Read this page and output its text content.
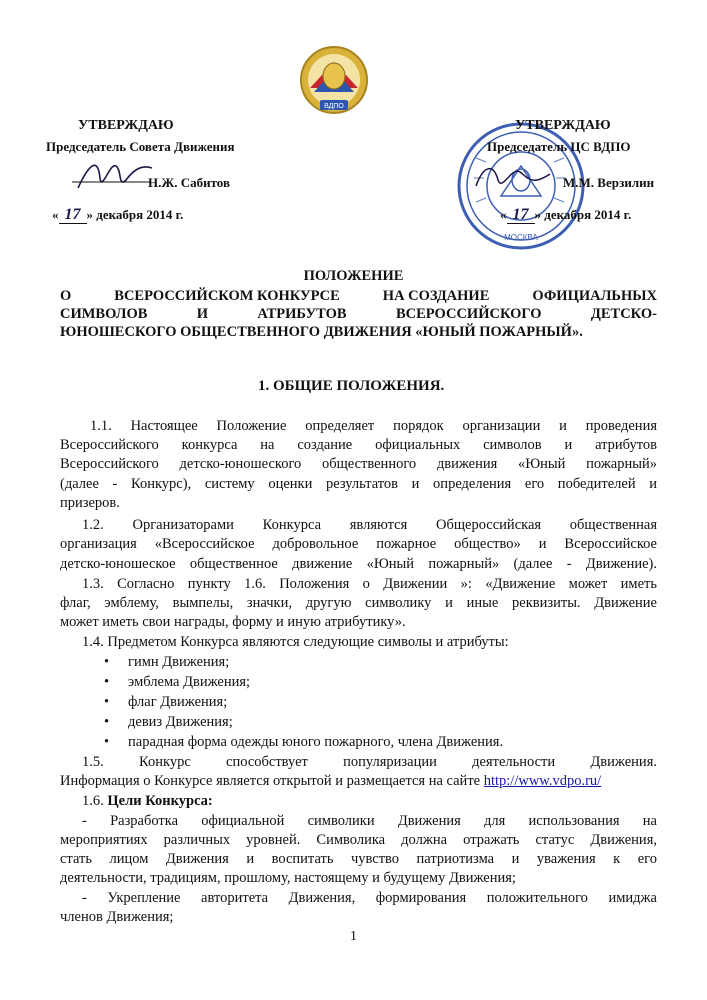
ВДПО
УТВЕРЖДАЮ
Председатель Совета Движения
Н.Ж. Сабитов
« 17 » декабря 2014 г.
МОСКВА
УТВЕРЖДАЮ
Председатель ЦС ВДПО
М.М. Верзилин
« 17 » декабря 2014 г.
ПОЛОЖЕНИЕ
О	ВСЕРОССИЙСКОМ КОНКУРСЕ	НА СОЗДАНИЕ	ОФИЦИАЛЬНЫХ
СИМВОЛОВ	И	АТРИБУТОВ	ВСЕРОССИЙСКОГО	ДЕТСКО-
ЮНОШЕСКОГО ОБЩЕСТВЕННОГО ДВИЖЕНИЯ «ЮНЫЙ ПОЖАРНЫЙ».
1. ОБЩИЕ ПОЛОЖЕНИЯ.
1.1. Настоящее Положение определяет порядок организации и проведения
Всероссийского конкурса на создание официальных символов и атрибутов
Всероссийского детско-юношеского общественного движения «Юный пожарный»
(далее - Конкурс), систему оценки результатов и определения его победителей и
призеров.
1.2. Организаторами Конкурса являются Общероссийская общественная
организация «Всероссийское добровольное пожарное общество» и Всероссийское
детско-юношеское общественное движение «Юный пожарный» (далее - Движение).
1.3. Согласно пункту 1.6. Положения о Движении »: «Движение может иметь
флаг, эмблему, вымпелы, значки, другую символику и иные реквизиты. Движение
может иметь свои награды, форму и иную атрибутику».
1.4. Предметом Конкурса являются следующие символы и атрибуты:
• гимн Движения;
• эмблема Движения;
• флаг Движения;
• девиз Движения;
• парадная форма одежды юного пожарного, члена Движения.
1.5. Конкурс способствует популяризации деятельности Движения.
Информация о Конкурсе является открытой и размещается на сайте http://www.vdpo.ru/
1.6. Цели Конкурса:
- Разработка официальной символики Движения для использования на
мероприятиях различных уровней. Символика должна отражать статус Движения,
стать лицом Движения и воспитать чувство патриотизма и уважения к его
деятельности, традициям, прошлому, настоящему и будущему Движения;
- Укрепление авторитета Движения, формирования положительного имиджа
членов Движения;
1
